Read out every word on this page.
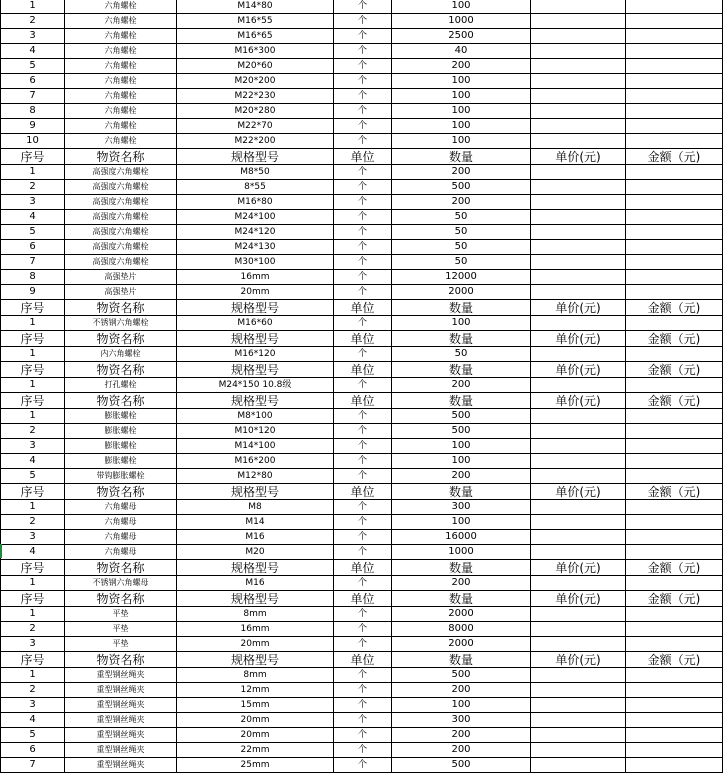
1	六角螺栓	M14*80	个	100		
2	六角螺栓	M16*55	个	1000		
3	六角螺栓	M16*65	个	2500		
4	六角螺栓	M16*300	个	40		
5	六角螺栓	M20*60	个	200		
6	六角螺栓	M20*200	个	100		
7	六角螺栓	M22*230	个	100		
8	六角螺栓	M20*280	个	100		
9	六角螺栓	M22*70	个	100		
10	六角螺栓	M22*200	个	100		
序号	物资名称	规格型号	单位	数量	单价(元)	金额（元)
1	高强度六角螺栓	M8*50	个	200		
2	高强度六角螺栓	8*55	个	500		
3	高强度六角螺栓	M16*80	个	200		
4	高强度六角螺栓	M24*100	个	50		
5	高强度六角螺栓	M24*120	个	50		
6	高强度六角螺栓	M24*130	个	50		
7	高强度六角螺栓	M30*100	个	50		
8	高强垫片	16mm	个	12000		
9	高强垫片	20mm	个	2000		
序号	物资名称	规格型号	单位	数量	单价(元)	金额（元)
1	不锈钢六角螺栓	M16*60	个	100		
序号	物资名称	规格型号	单位	数量	单价(元)	金额（元)
1	内六角螺栓	M16*120	个	50		
序号	物资名称	规格型号	单位	数量	单价(元)	金额（元)
1	打孔螺栓	M24*150 10.8级	个	200		
序号	物资名称	规格型号	单位	数量	单价(元)	金额（元)
1	膨胀螺栓	M8*100	个	500		
2	膨胀螺栓	M10*120	个	500		
3	膨胀螺栓	M14*100	个	100		
4	膨胀螺栓	M16*200	个	100		
5	带钩膨胀螺栓	M12*80	个	200		
序号	物资名称	规格型号	单位	数量	单价(元)	金额（元)
1	六角螺母	M8	个	300		
2	六角螺母	M14	个	100		
3	六角螺母	M16	个	16000		
4	六角螺母	M20	个	1000		
序号	物资名称	规格型号	单位	数量	单价(元)	金额（元)
1	不锈钢六角螺母	M16	个	200		
序号	物资名称	规格型号	单位	数量	单价(元)	金额（元)
1	平垫	8mm	个	2000		
2	平垫	16mm	个	8000		
3	平垫	20mm	个	2000		
序号	物资名称	规格型号	单位	数量	单价(元)	金额（元)
1	重型钢丝绳夹	8mm	个	500		
2	重型钢丝绳夹	12mm	个	200		
3	重型钢丝绳夹	15mm	个	100		
4	重型钢丝绳夹	20mm	个	300		
5	重型钢丝绳夹	20mm	个	200		
6	重型钢丝绳夹	22mm	个	200		
7	重型钢丝绳夹	25mm	个	500		
